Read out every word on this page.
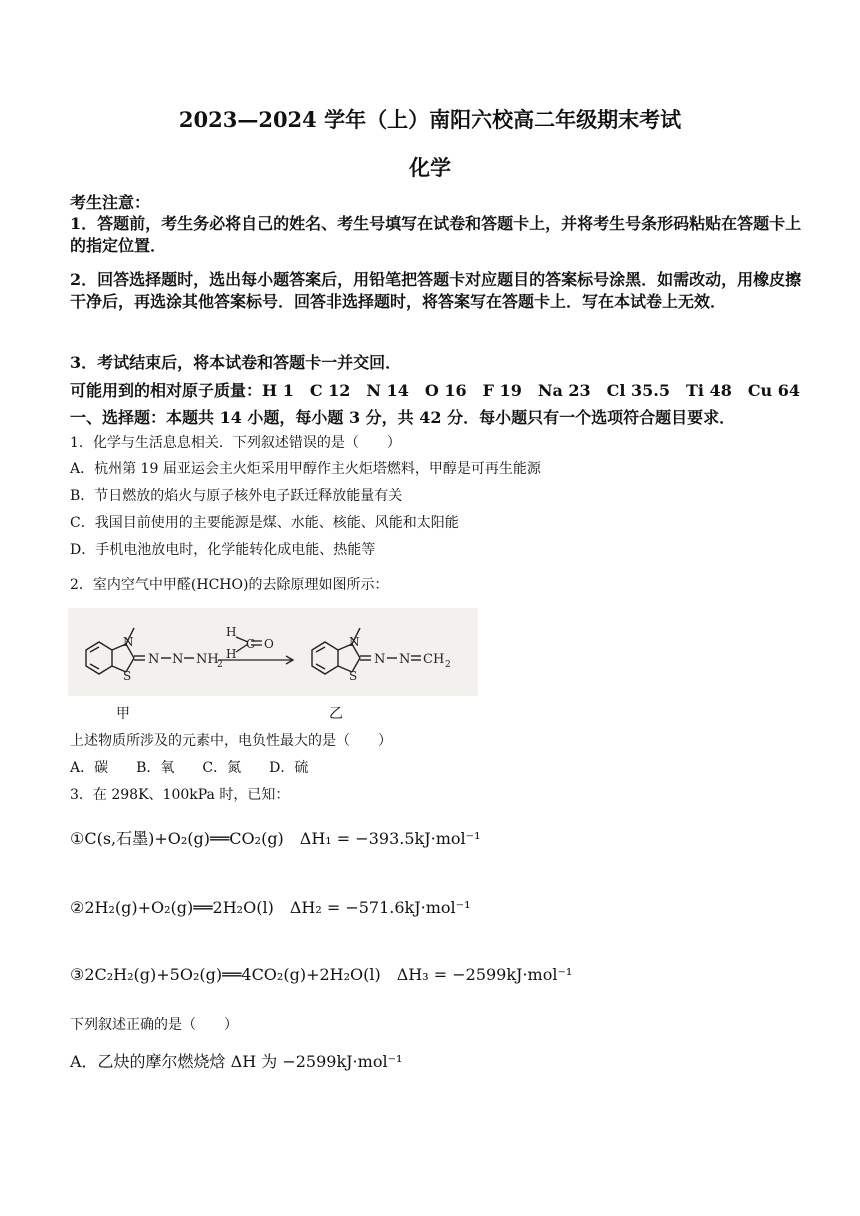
2023—2024 学年（上）南阳六校高二年级期末考试
化学
考生注意：
1．答题前，考生务必将自己的姓名、考生号填写在试卷和答题卡上，并将考生号条形码粘贴在答题卡上的指定位置．
2．回答选择题时，选出每小题答案后，用铅笔把答题卡对应题目的答案标号涂黑．如需改动，用橡皮擦干净后，再选涂其他答案标号．回答非选择题时，将答案写在答题卡上．写在本试卷上无效．
3．考试结束后，将本试卷和答题卡一并交回．
可能用到的相对原子质量：H 1　C 12　N 14　O 16　F 19　Na 23　Cl 35.5　Ti 48　Cu 64
一、选择题：本题共 14 小题，每小题 3 分，共 42 分．每小题只有一个选项符合题目要求．
1．化学与生活息息相关．下列叙述错误的是（　　）
A．杭州第 19 届亚运会主火炬采用甲醇作主火炬塔燃料，甲醇是可再生能源
B．节日燃放的焰火与原子核外电子跃迁释放能量有关
C．我国目前使用的主要能源是煤、水能、核能、风能和太阳能
D．手机电池放电时，化学能转化成电能、热能等
2．室内空气中甲醛(HCHO)的去除原理如图所示：
N
S
N N NH
2
H
H
C O	N
S
N N CH 2
甲	乙
上述物质所涉及的元素中，电负性最大的是（　　）
A．碳　　B．氧　　C．氮　　D．硫
3．在 298K、100kPa 时，已知：
①C(s,石墨)+O₂(g)══CO₂(g)　ΔH₁ = −393.5kJ·mol⁻¹
②2H₂(g)+O₂(g)══2H₂O(l)　ΔH₂ = −571.6kJ·mol⁻¹
③2C₂H₂(g)+5O₂(g)══4CO₂(g)+2H₂O(l)　ΔH₃ = −2599kJ·mol⁻¹
下列叙述正确的是（　　）
A．乙炔的摩尔燃烧焓 ΔH 为 −2599kJ·mol⁻¹
